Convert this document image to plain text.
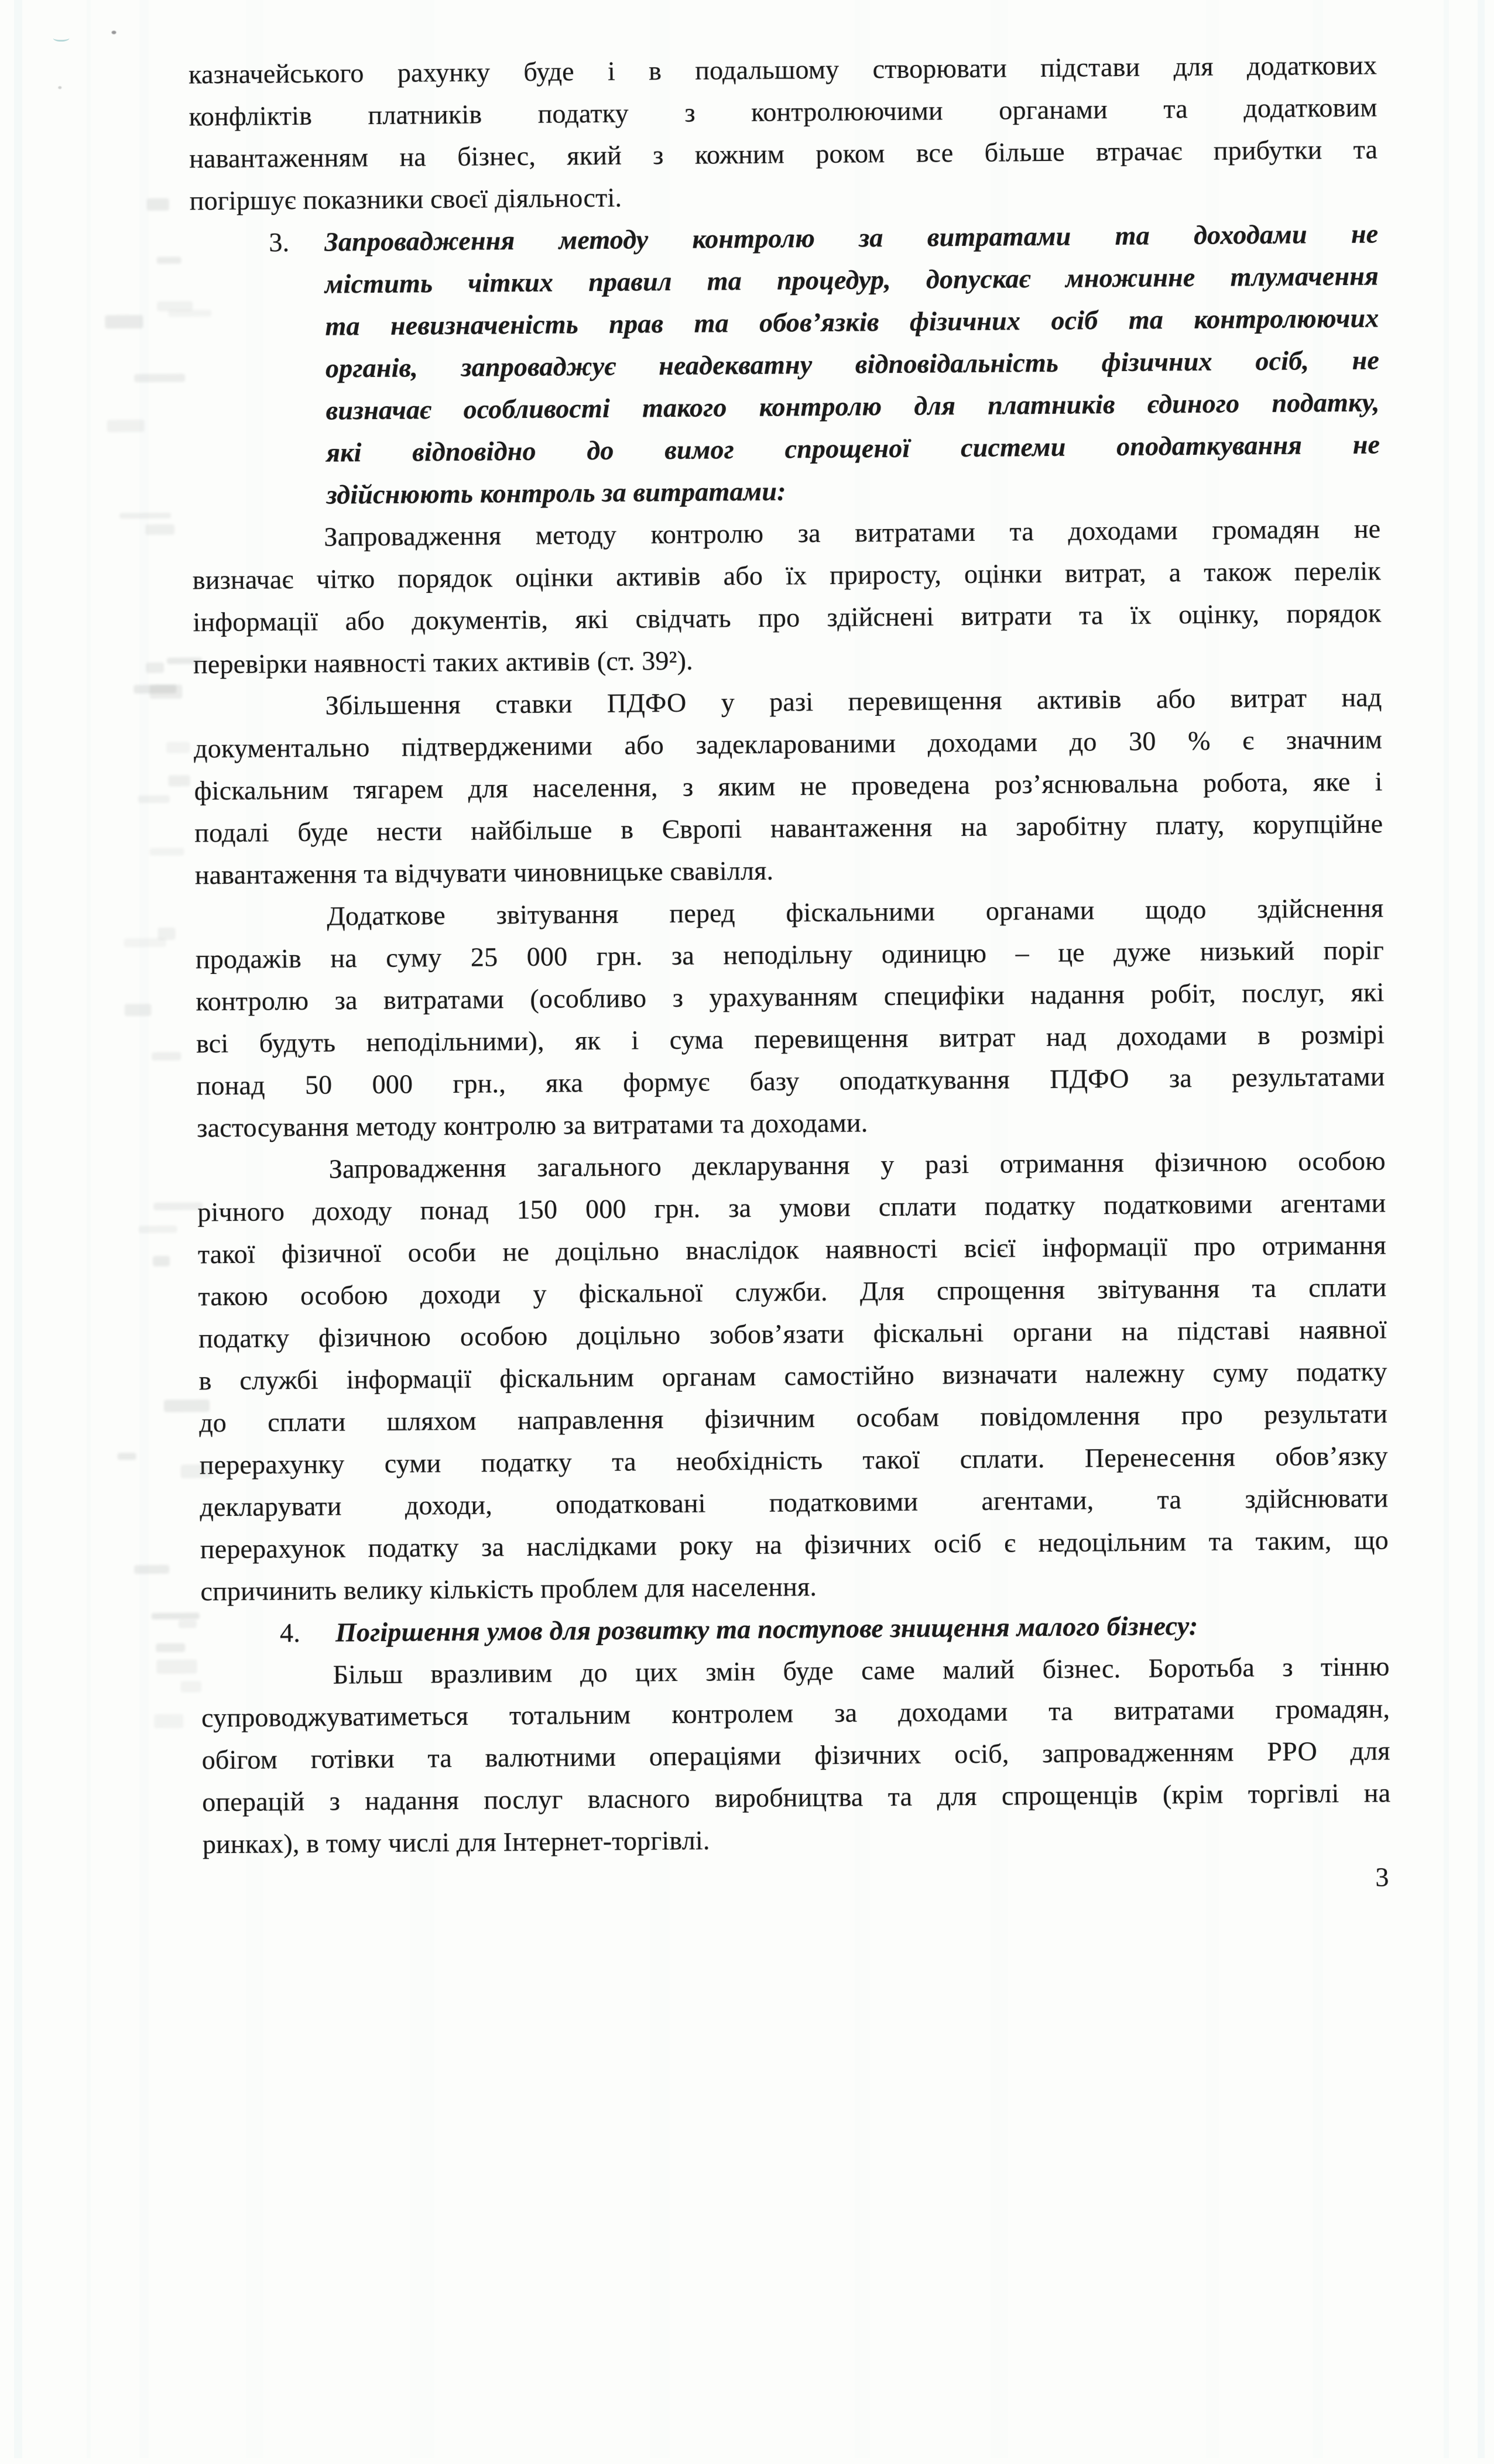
казначейського рахунку буде і в подальшому створювати підстави для додаткових
конфліктів платників податку з контролюючими органами та додатковим
навантаженням на бізнес, який з кожним роком все більше втрачає прибутки та
погіршує показники своєї діяльності.
3. Запровадження методу контролю за витратами та доходами не
містить чітких правил та процедур, допускає множинне тлумачення
та невизначеність прав та обов’язків фізичних осіб та контролюючих
органів, запроваджує неадекватну відповідальність фізичних осіб, не
визначає особливості такого контролю для платників єдиного податку,
які відповідно до вимог спрощеної системи оподаткування не
здійснюють контроль за витратами:
Запровадження методу контролю за витратами та доходами громадян не
визначає чітко порядок оцінки активів або їх приросту, оцінки витрат, а також перелік
інформації або документів, які свідчать про здійснені витрати та їх оцінку, порядок
перевірки наявності таких активів (ст. 39²).
Збільшення ставки ПДФО у разі перевищення активів або витрат над
документально підтвердженими або задекларованими доходами до 30 % є значним
фіскальним тягарем для населення, з яким не проведена роз’яснювальна робота, яке і
подалі буде нести найбільше в Європі навантаження на заробітну плату, корупційне
навантаження та відчувати чиновницьке свавілля.
Додаткове звітування перед фіскальними органами щодо здійснення
продажів на суму 25 000 грн. за неподільну одиницю – це дуже низький поріг
контролю за витратами (особливо з урахуванням специфіки надання робіт, послуг, які
всі будуть неподільними), як і сума перевищення витрат над доходами в розмірі
понад 50 000 грн., яка формує базу оподаткування ПДФО за результатами
застосування методу контролю за витратами та доходами.
Запровадження загального декларування у разі отримання фізичною особою
річного доходу понад 150 000 грн. за умови сплати податку податковими агентами
такої фізичної особи не доцільно внаслідок наявності всієї інформації про отримання
такою особою доходи у фіскальної служби. Для спрощення звітування та сплати
податку фізичною особою доцільно зобов’язати фіскальні органи на підставі наявної
в службі інформації фіскальним органам самостійно визначати належну суму податку
до сплати шляхом направлення фізичним особам повідомлення про результати
перерахунку суми податку та необхідність такої сплати. Перенесення обов’язку
декларувати доходи, оподатковані податковими агентами, та здійснювати
перерахунок податку за наслідками року на фізичних осіб є недоцільним та таким, що
спричинить велику кількість проблем для населення.
4. Погіршення умов для розвитку та поступове знищення малого бізнесу:
Більш вразливим до цих змін буде саме малий бізнес. Боротьба з тінню
супроводжуватиметься тотальним контролем за доходами та витратами громадян,
обігом готівки та валютними операціями фізичних осіб, запровадженням РРО для
операцій з надання послуг власного виробництва та для спрощенців (крім торгівлі на
ринках), в тому числі для Інтернет-торгівлі.
3
